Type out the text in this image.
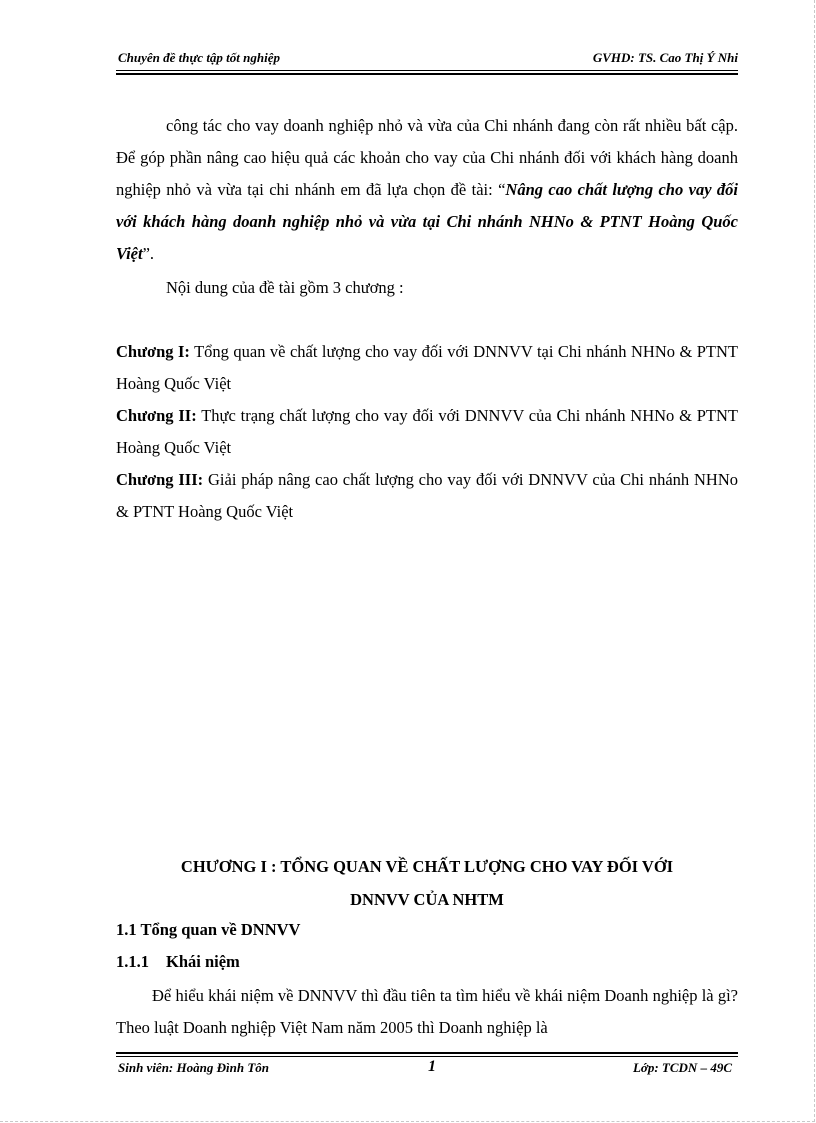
Chuyên đề thực tập tốt nghiệp	GVHD: TS. Cao Thị Ý Nhi
công tác cho vay doanh nghiệp nhỏ và vừa của Chi nhánh đang còn rất nhiều bất cập. Để góp phần nâng cao hiệu quả các khoản cho vay của Chi nhánh đối với khách hàng doanh nghiệp nhỏ và vừa tại chi nhánh em đã lựa chọn đề tài: “Nâng cao chất lượng cho vay đối với khách hàng doanh nghiệp nhỏ và vừa tại Chi nhánh NHNo & PTNT Hoàng Quốc Việt”.
Nội dung của đề tài gồm 3 chương :

Chương I: Tổng quan về chất lượng cho vay đối với DNNVV tại Chi nhánh NHNo & PTNT Hoàng Quốc Việt

Chương II: Thực trạng chất lượng cho vay đối với DNNVV của Chi nhánh NHNo & PTNT Hoàng Quốc Việt

Chương III: Giải pháp nâng cao chất lượng cho vay đối với DNNVV của Chi nhánh NHNo & PTNT Hoàng Quốc Việt

CHƯƠNG I : TỔNG QUAN VỀ CHẤT LƯỢNG CHO VAY ĐỐI VỚI
DNNVV CỦA NHTM
1.1 Tổng quan về DNNVV
1.1.1 Khái niệm
Để hiểu khái niệm về DNNVV thì đầu tiên ta tìm hiểu về khái niệm Doanh nghiệp là gì? Theo luật Doanh nghiệp Việt Nam năm 2005 thì Doanh nghiệp là
Sinh viên: Hoàng Đình Tôn	1	Lớp: TCDN – 49C
